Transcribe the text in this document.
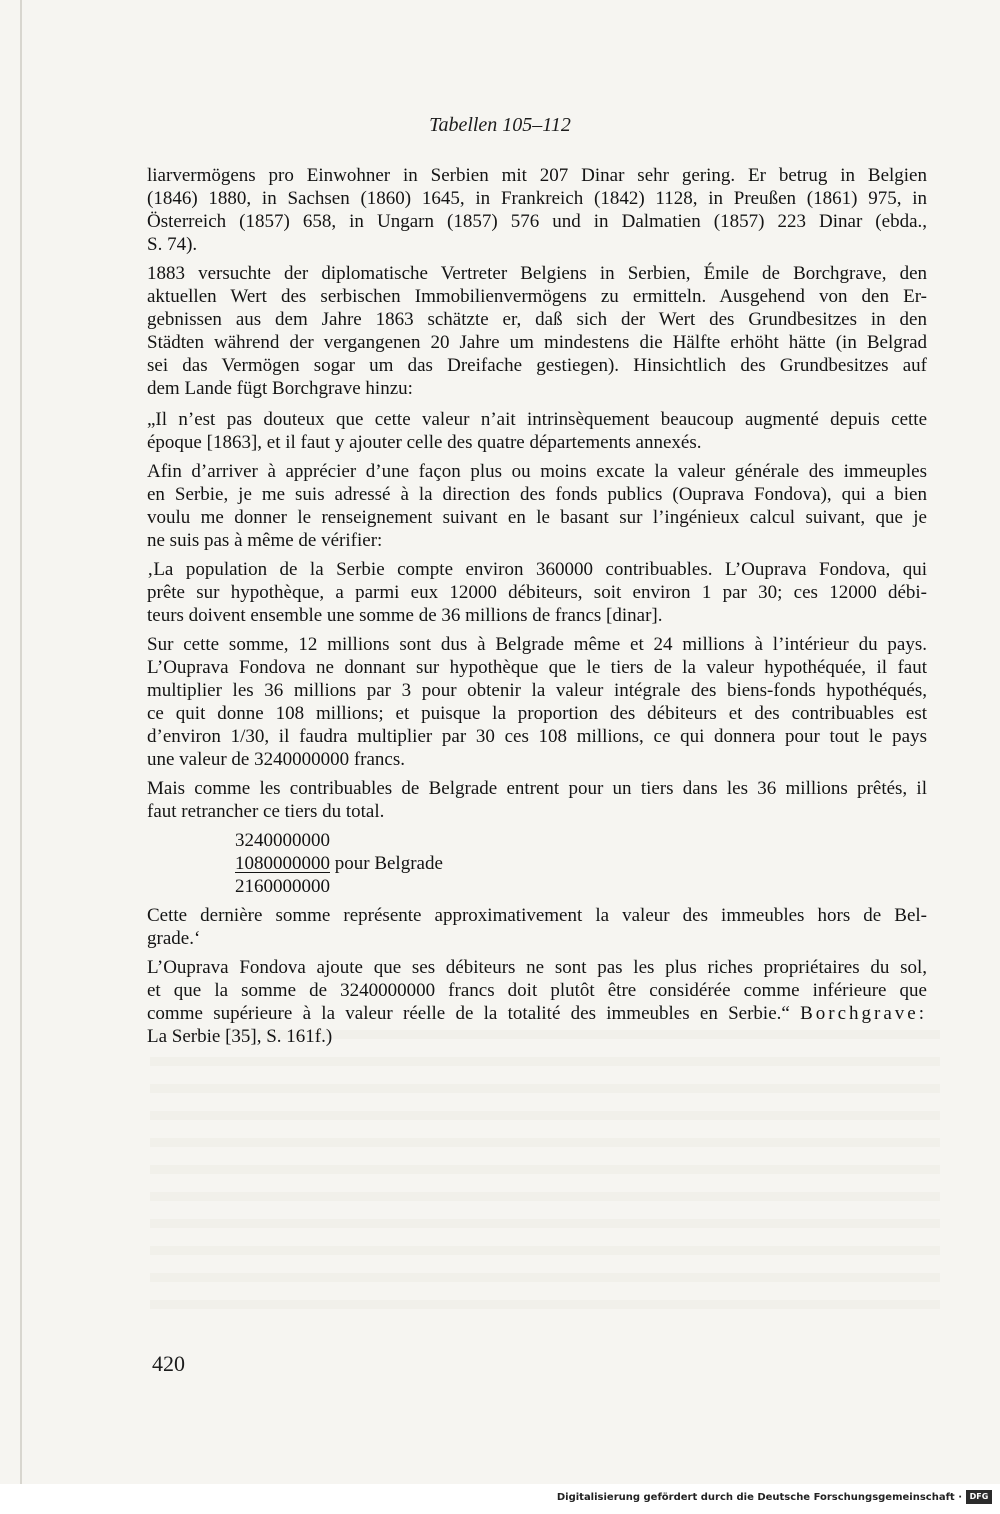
Tabellen 105–112
liarvermögens pro Einwohner in Serbien mit 207 Dinar sehr gering. Er betrug in Belgien
(1846) 1880, in Sachsen (1860) 1645, in Frankreich (1842) 1128, in Preußen (1861) 975, in
Österreich (1857) 658, in Ungarn (1857) 576 und in Dalmatien (1857) 223 Dinar (ebda.,
S. 74).
1883 versuchte der diplomatische Vertreter Belgiens in Serbien, Émile de Borchgrave, den
aktuellen Wert des serbischen Immobilienvermögens zu ermitteln. Ausgehend von den Er-
gebnissen aus dem Jahre 1863 schätzte er, daß sich der Wert des Grundbesitzes in den
Städten während der vergangenen 20 Jahre um mindestens die Hälfte erhöht hätte (in Belgrad
sei das Vermögen sogar um das Dreifache gestiegen). Hinsichtlich des Grundbesitzes auf
dem Lande fügt Borchgrave hinzu:
„Il n’est pas douteux que cette valeur n’ait intrinsèquement beaucoup augmenté depuis cette
époque [1863], et il faut y ajouter celle des quatre départements annexés.
Afin d’arriver à apprécier d’une façon plus ou moins excate la valeur générale des immeuples
en Serbie, je me suis adressé à la direction des fonds publics (Ouprava Fondova), qui a bien
voulu me donner le renseignement suivant en le basant sur l’ingénieux calcul suivant, que je
ne suis pas à même de vérifier:
‚La population de la Serbie compte environ 360000 contribuables. L’Ouprava Fondova, qui
prête sur hypothèque, a parmi eux 12000 débiteurs, soit environ 1 par 30; ces 12000 débi-
teurs doivent ensemble une somme de 36 millions de francs [dinar].
Sur cette somme, 12 millions sont dus à Belgrade même et 24 millions à l’intérieur du pays.
L’Ouprava Fondova ne donnant sur hypothèque que le tiers de la valeur hypothéquée, il faut
multiplier les 36 millions par 3 pour obtenir la valeur intégrale des biens-fonds hypothéqués,
ce quit donne 108 millions; et puisque la proportion des débiteurs et des contribuables est
d’environ 1/30, il faudra multiplier par 30 ces 108 millions, ce qui donnera pour tout le pays
une valeur de 3240000000 francs.
Mais comme les contribuables de Belgrade entrent pour un tiers dans les 36 millions prêtés, il
faut retrancher ce tiers du total.
3240000000
1080000000 pour Belgrade
2160000000
Cette dernière somme représente approximativement la valeur des immeubles hors de Bel-
grade.‘
L’Ouprava Fondova ajoute que ses débiteurs ne sont pas les plus riches propriétaires du sol,
et que la somme de 3240000000 francs doit plutôt être considérée comme inférieure que
comme supérieure à la valeur réelle de la totalité des immeubles en Serbie.“ Borchgrave:
La Serbie [35], S. 161f.)
420
Digitalisierung gefördert durch die Deutsche Forschungsgemeinschaft · DFG
